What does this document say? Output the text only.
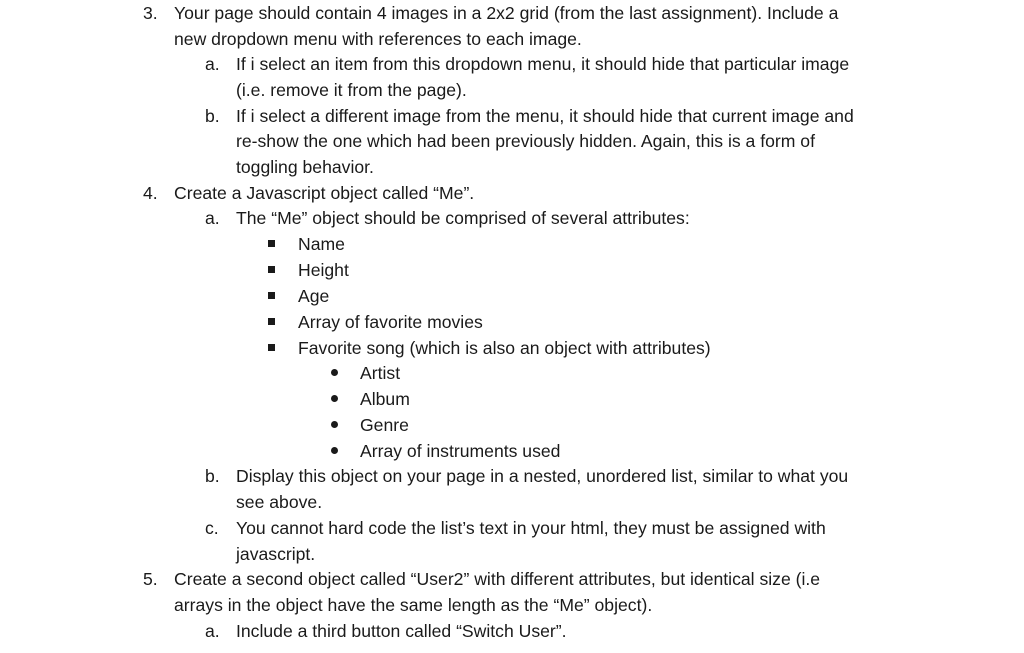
3. Your page should contain 4 images in a 2x2 grid (from the last assignment). Include a
new dropdown menu with references to each image.
a. If i select an item from this dropdown menu, it should hide that particular image
(i.e. remove it from the page).
b. If i select a different image from the menu, it should hide that current image and
re-show the one which had been previously hidden. Again, this is a form of
toggling behavior.
4. Create a Javascript object called “Me”.
a. The “Me” object should be comprised of several attributes:
Name
Height
Age
Array of favorite movies
Favorite song (which is also an object with attributes)
Artist
Album
Genre
Array of instruments used
b. Display this object on your page in a nested, unordered list, similar to what you
see above.
c. You cannot hard code the list’s text in your html, they must be assigned with
javascript.
5. Create a second object called “User2” with different attributes, but identical size (i.e
arrays in the object have the same length as the “Me” object).
a. Include a third button called “Switch User”.
